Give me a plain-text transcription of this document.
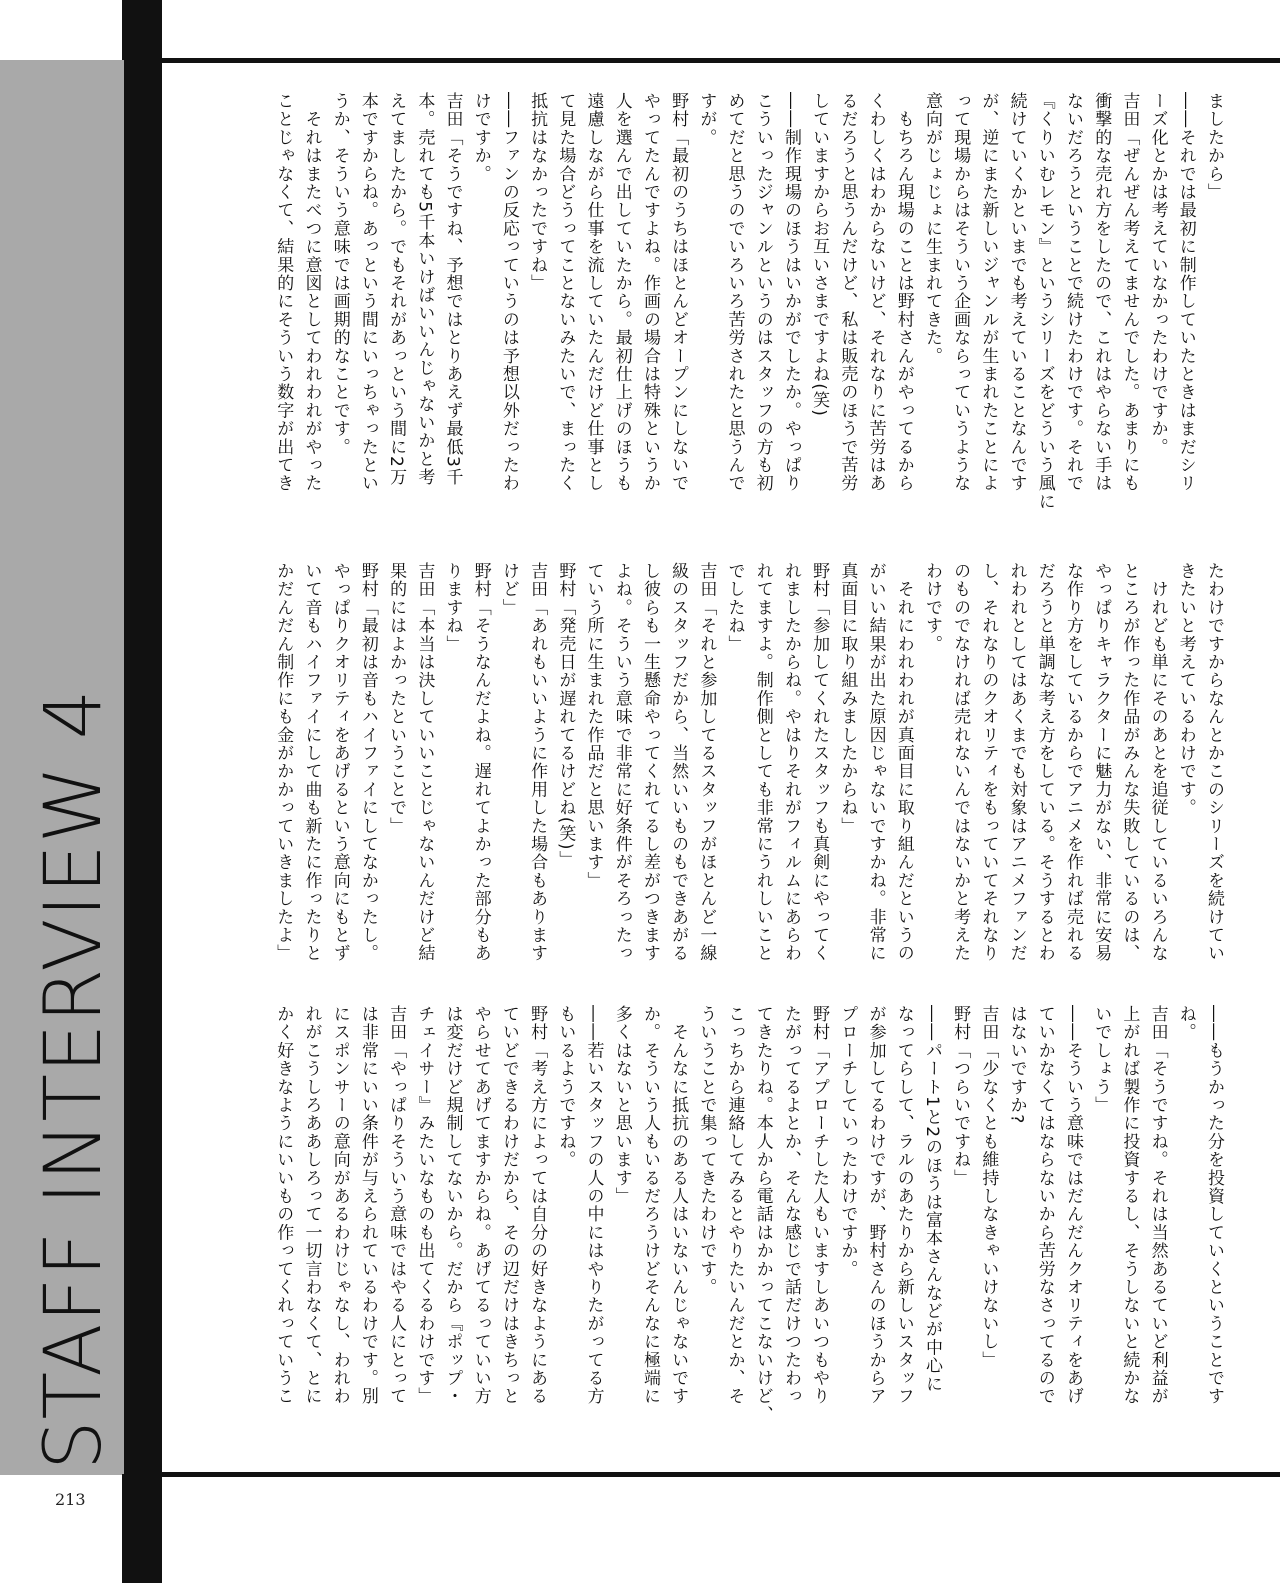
STAFF INTERVIEW 4
213
ましたから」
――それでは最初に制作していたときはまだシリ
ーズ化とかは考えていなかったわけですか。
吉田「ぜんぜん考えてませんでした。あまりにも
衝撃的な売れ方をしたので、これはやらない手は
ないだろうということで続けたわけです。それで
『くりいむレモン』というシリーズをどういう風に
続けていくかといまでも考えていることなんです
が、逆にまた新しいジャンルが生まれたことによ
って現場からはそういう企画ならっていうような
意向がじょじょに生まれてきた。
　もちろん現場のことは野村さんがやってるから
くわしくはわからないけど、それなりに苦労はあ
るだろうと思うんだけど、私は販売のほうで苦労
していますからお互いさまですよね(笑)
――制作現場のほうはいかがでしたか。やっぱり
こういったジャンルというのはスタッフの方も初
めてだと思うのでいろいろ苦労されたと思うんで
すが。
野村「最初のうちはほとんどオープンにしないで
やってたんですよね。作画の場合は特殊というか
人を選んで出していたから。最初仕上げのほうも
遠慮しながら仕事を流していたんだけど仕事とし
て見た場合どうってことないみたいで、まったく
抵抗はなかったですね」
――ファンの反応っていうのは予想以外だったわ
けですか。
吉田「そうですね、予想ではとりあえず最低3千
本。売れても5千本いけばいいんじゃないかと考
えてましたから。でもそれがあっという間に2万
本ですからね。あっという間にいっちゃったとい
うか、そういう意味では画期的なことです。
　それはまたべつに意図としてわれわれがやった
ことじゃなくて、結果的にそういう数字が出てき
たわけですからなんとかこのシリーズを続けてい
きたいと考えているわけです。
　けれども単にそのあとを追従しているいろんな
ところが作った作品がみんな失敗しているのは、
やっぱりキャラクターに魅力がない、非常に安易
な作り方をしているからでアニメを作れば売れる
だろうと単調な考え方をしている。そうするとわ
れわれとしてはあくまでも対象はアニメファンだ
し、それなりのクオリティをもっていてそれなり
のものでなければ売れないんではないかと考えた
わけです。
　それにわれわれが真面目に取り組んだというの
がいい結果が出た原因じゃないですかね。非常に
真面目に取り組みましたからね」
野村「参加してくれたスタッフも真剣にやってく
れましたからね。やはりそれがフィルムにあらわ
れてますよ。制作側としても非常にうれしいこと
でしたね」
吉田「それと参加してるスタッフがほとんど一線
級のスタッフだから、当然いいものもできあがる
し彼らも一生懸命やってくれてるし差がつきます
よね。そういう意味で非常に好条件がそろったっ
ていう所に生まれた作品だと思います」
野村「発売日が遅れてるけどね(笑)」
吉田「あれもいいように作用した場合もあります
けど」
野村「そうなんだよね。遅れてよかった部分もあ
りますね」
吉田「本当は決していいことじゃないんだけど結
果的にはよかったということで」
野村「最初は音もハイファイにしてなかったし。
やっぱりクオリティをあげるという意向にもとず
いて音もハイファイにして曲も新たに作ったりと
かだんだん制作にも金がかかっていきましたよ」
――もうかった分を投資していくということです
ね。
吉田「そうですね。それは当然あるていど利益が
上がれば製作に投資するし、そうしないと続かな
いでしょう」
――そういう意味ではだんだんクオリティをあげ
ていかなくてはならないから苦労なさってるので
はないですか?
吉田「少なくとも維持しなきゃいけないし」
野村「つらいですね」
――パート1と2のほうは富本さんなどが中心に
なってらして、ラルのあたりから新しいスタッフ
が参加してるわけですが、野村さんのほうからア
プローチしていったわけですか。
野村「アプローチした人もいますしあいつもやり
たがってるよとか、そんな感じで話だけつたわっ
てきたりね。本人から電話はかかってこないけど、
こっちから連絡してみるとやりたいんだとか、そ
ういうことで集ってきたわけです。
　そんなに抵抗のある人はいないんじゃないです
か。そういう人もいるだろうけどそんなに極端に
多くはないと思います」
――若いスタッフの人の中にはやりたがってる方
もいるようですね。
野村「考え方によっては自分の好きなようにある
ていどできるわけだから、その辺だけはきちっと
やらせてあげてますからね。あげてるっていい方
は変だけど規制してないから。だから『ポップ・
チェイサー』みたいなものも出てくるわけです」
吉田「やっぱりそういう意味ではやる人にとって
は非常にいい条件が与えられているわけです。別
にスポンサーの意向があるわけじゃなし、われわ
れがこうしろああしろって一切言わなくて、とに
かく好きなようにいいもの作ってくれっていうこ
